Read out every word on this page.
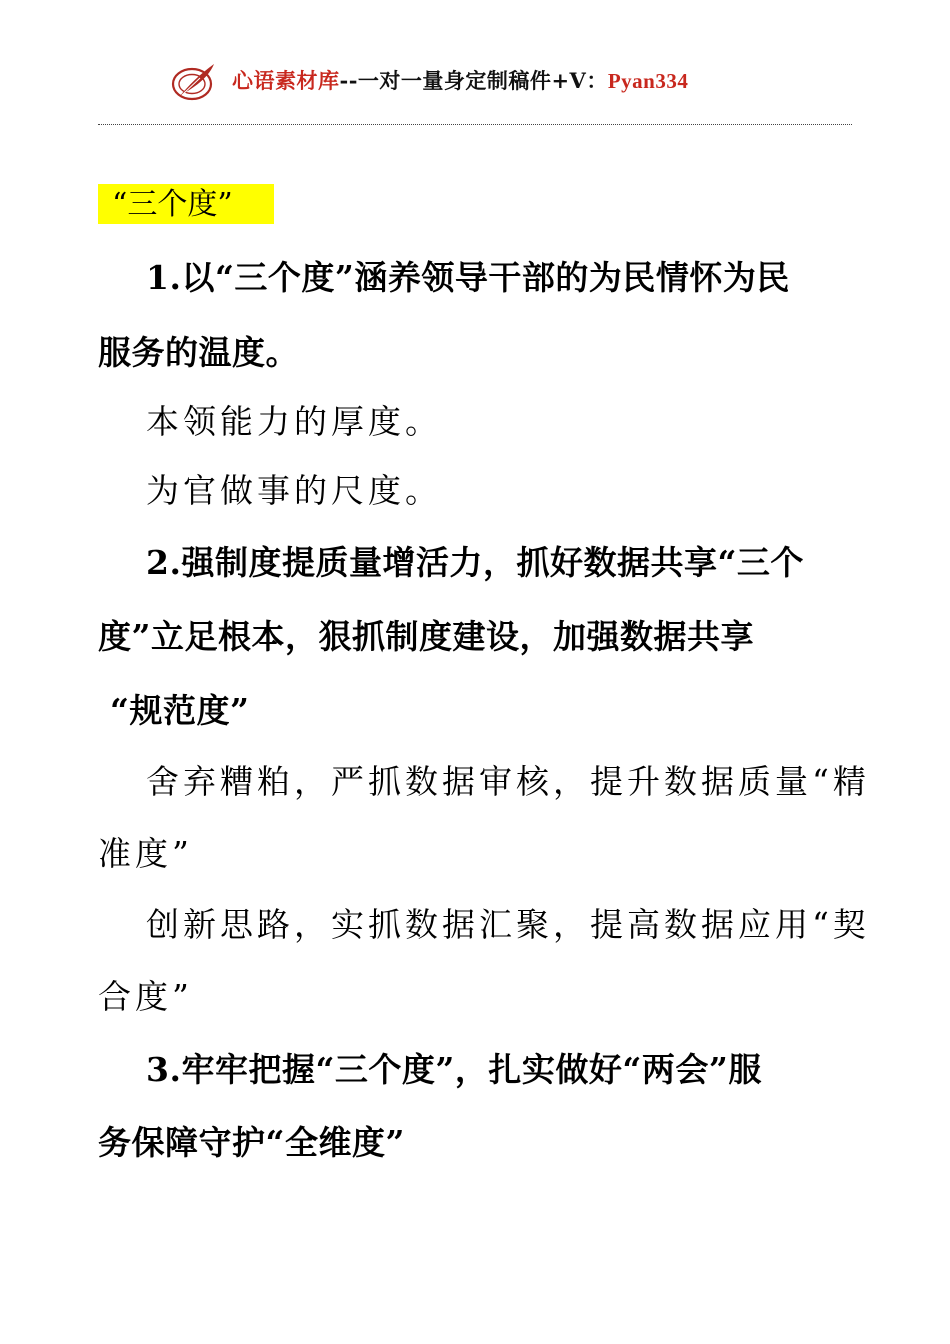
心语素材库--一对一量身定制稿件+V：Pyan334
“三个度”
1.以“三个度”涵养领导干部的为民情怀为民
服务的温度。
本领能力的厚度。
为官做事的尺度。
2.强制度提质量增活力，抓好数据共享“三个
度”立足根本，狠抓制度建设，加强数据共享
“规范度”
舍弃糟粕，严抓数据审核，提升数据质量“精
准度”
创新思路，实抓数据汇聚，提高数据应用“契
合度”
3.牢牢把握“三个度”，扎实做好“两会”服
务保障守护“全维度”
